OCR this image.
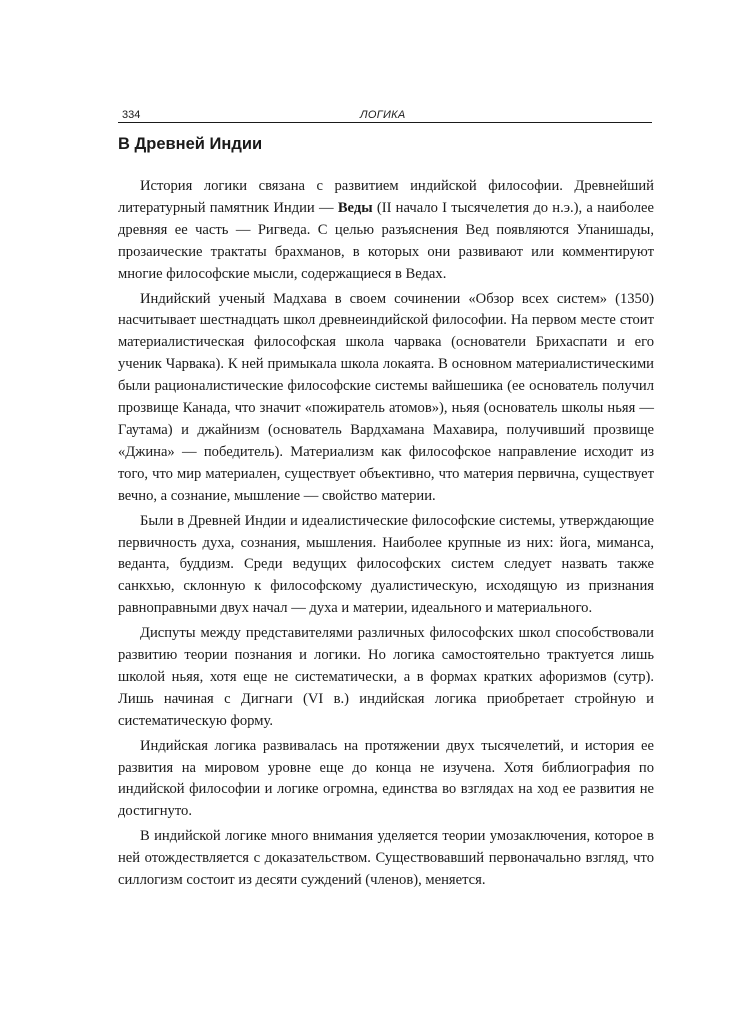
334	ЛОГИКА
В Древней Индии

История логики связана с развитием индийской философии. Древнейший литературный памятник Индии — Веды (II начало I тысячелетия до н.э.), а наиболее древняя ее часть — Ригведа. С целью разъяснения Вед появляются Упанишады, прозаические трактаты брахманов, в которых они развивают или комментируют многие философские мысли, содержащиеся в Ведах.

Индийский ученый Мадхава в своем сочинении «Обзор всех систем» (1350) насчитывает шестнадцать школ древнеиндийской философии. На первом месте стоит материалистическая философская школа чарвака (основатели Брихаспати и его ученик Чарвака). К ней примыкала школа локаята. В основном материалистическими были рационалистические философские системы вайшешика (ее основатель получил прозвище Канада, что значит «пожиратель атомов»), ньяя (основатель школы ньяя — Гаутама) и джайнизм (основатель Вардхамана Махавира, получивший прозвище «Джина» — победитель). Материализм как философское направление исходит из того, что мир материален, существует объективно, что материя первична, существует вечно, а сознание, мышление — свойство материи.

Были в Древней Индии и идеалистические философские системы, утверждающие первичность духа, сознания, мышления. Наиболее крупные из них: йога, миманса, веданта, буддизм. Среди ведущих философских систем следует назвать также санкхью, склонную к философскому дуалистическую, исходящую из признания равноправными двух начал — духа и материи, идеального и материального.

Диспуты между представителями различных философских школ способствовали развитию теории познания и логики. Но логика самостоятельно трактуется лишь школой ньяя, хотя еще не систематически, а в формах кратких афоризмов (сутр). Лишь начиная с Дигнаги (VI в.) индийская логика приобретает стройную и систематическую форму.

Индийская логика развивалась на протяжении двух тысячелетий, и история ее развития на мировом уровне еще до конца не изучена. Хотя библиография по индийской философии и логике огромна, единства во взглядах на ход ее развития не достигнуто.

В индийской логике много внимания уделяется теории умозаключения, которое в ней отождествляется с доказательством. Существовавший первоначально взгляд, что силлогизм состоит из десяти суждений (членов), меняется.
